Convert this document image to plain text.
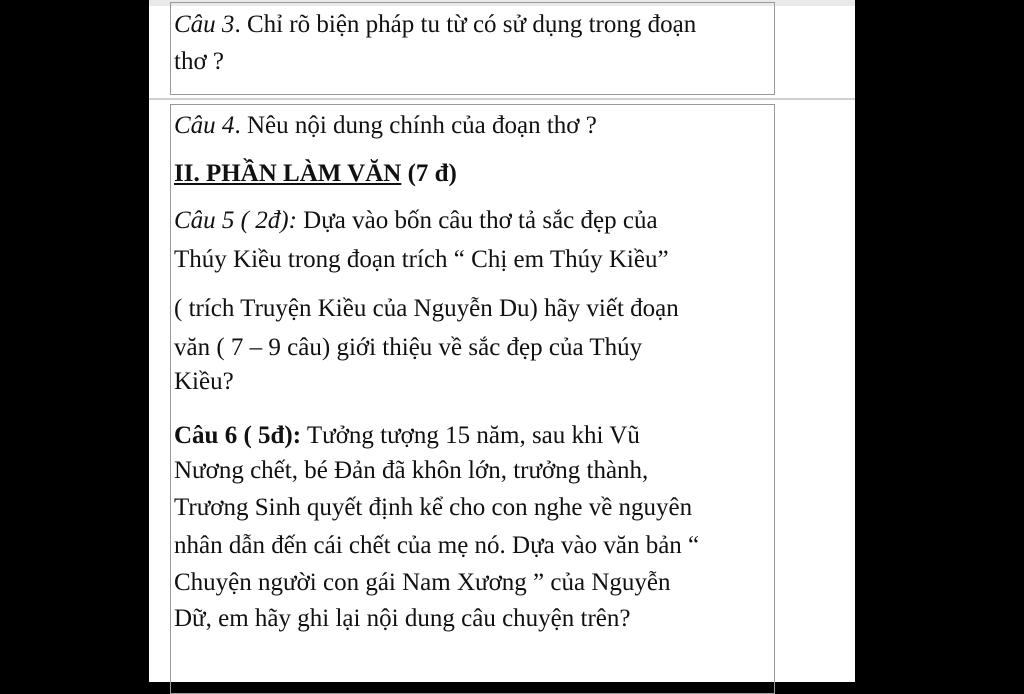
Câu 3. Chỉ rõ biện pháp tu từ có sử dụng trong đoạn

thơ ?

Câu 4. Nêu nội dung chính của đoạn thơ ?

II. PHẦN LÀM VĂN (7 đ)

Câu 5 ( 2đ): Dựa vào bốn câu thơ tả sắc đẹp của

Thúy Kiều trong đoạn trích “ Chị em Thúy Kiều”

( trích Truyện Kiều của Nguyễn Du) hãy viết đoạn

văn ( 7 – 9 câu) giới thiệu về sắc đẹp của Thúy

Kiều?

Câu 6 ( 5đ): Tưởng tượng 15 năm, sau khi Vũ

Nương chết, bé Đản đã khôn lớn, trưởng thành,

Trương Sinh quyết định kể cho con nghe về nguyên

nhân dẫn đến cái chết của mẹ nó. Dựa vào văn bản “

Chuyện người con gái Nam Xương ” của Nguyễn

Dữ, em hãy ghi lại nội dung câu chuyện trên?
